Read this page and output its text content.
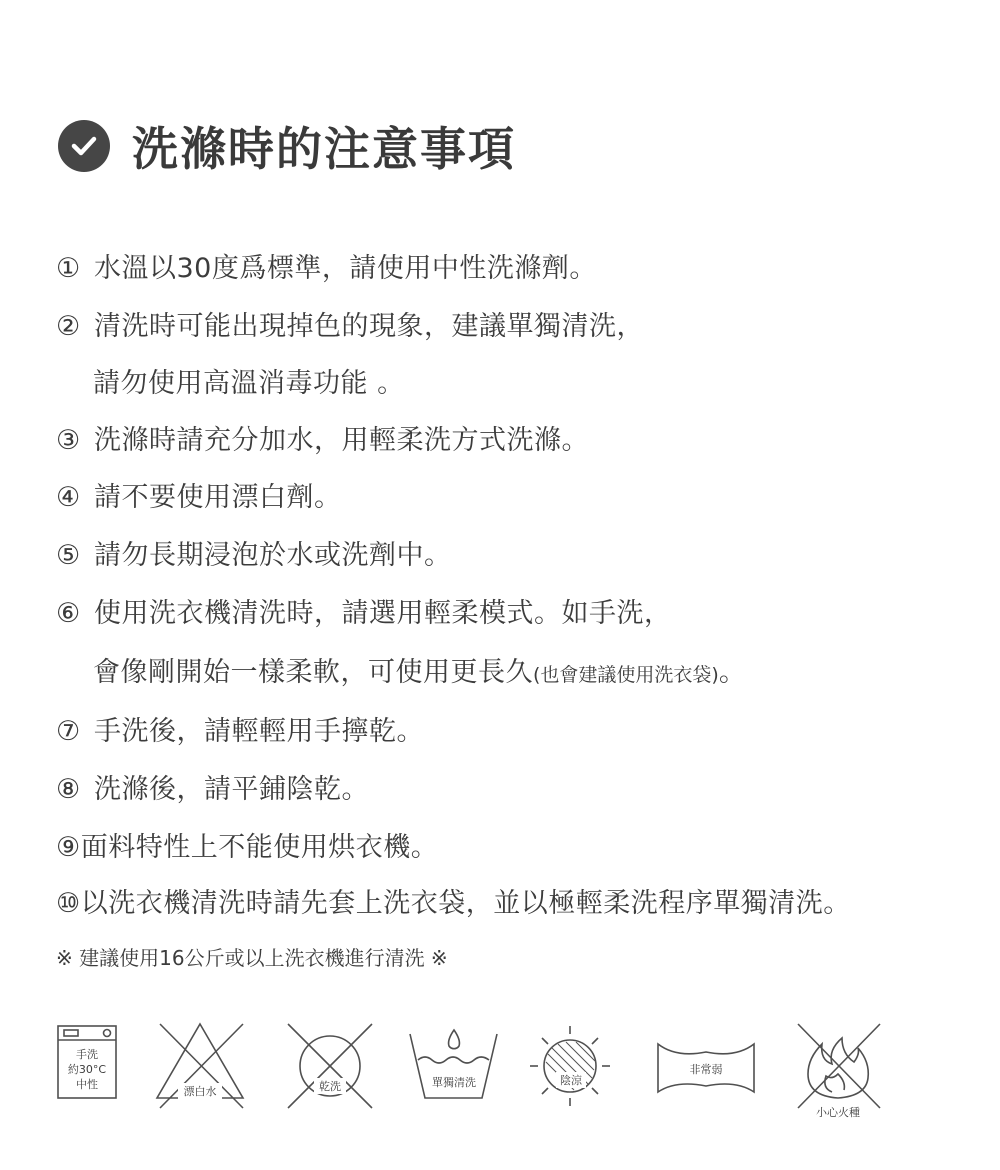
洗滌時的注意事項
① 水溫以30度爲標準，請使用中性洗滌劑。
② 清洗時可能出現掉色的現象，建議單獨清洗，
請勿使用高溫消毒功能 。
③ 洗滌時請充分加水，用輕柔洗方式洗滌。
④ 請不要使用漂白劑。
⑤ 請勿長期浸泡於水或洗劑中。
⑥ 使用洗衣機清洗時，請選用輕柔模式。如手洗，
會像剛開始一樣柔軟，可使用更長久(也會建議使用洗衣袋)。
⑦ 手洗後，請輕輕用手擰乾。
⑧ 洗滌後，請平鋪陰乾。
⑨面料特性上不能使用烘衣機。
⑩以洗衣機清洗時請先套上洗衣袋，並以極輕柔洗程序單獨清洗。
※ 建議使用16公斤或以上洗衣機進行清洗 ※
手洗
約30°C
中性
漂白水	乾洗	單獨清洗	陰涼
非常弱
小心火種
